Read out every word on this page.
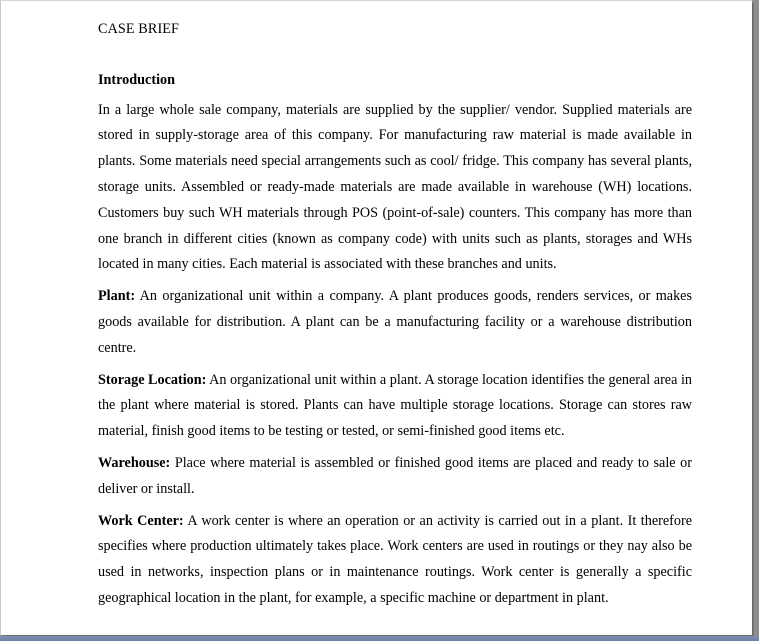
CASE BRIEF
Introduction

In a large whole sale company, materials are supplied by the supplier/ vendor. Supplied materials are stored in supply-storage area of this company. For manufacturing raw material is made available in plants. Some materials need special arrangements such as cool/ fridge. This company has several plants, storage units. Assembled or ready-made materials are made available in warehouse (WH) locations. Customers buy such WH materials through POS (point-of-sale) counters. This company has more than one branch in different cities (known as company code) with units such as plants, storages and WHs located in many cities. Each material is associated with these branches and units.

Plant: An organizational unit within a company. A plant produces goods, renders services, or makes goods available for distribution. A plant can be a manufacturing facility or a warehouse distribution centre.

Storage Location: An organizational unit within a plant. A storage location identifies the general area in the plant where material is stored. Plants can have multiple storage locations. Storage can stores raw material, finish good items to be testing or tested, or semi-finished good items etc.

Warehouse: Place where material is assembled or finished good items are placed and ready to sale or deliver or install.

Work Center: A work center is where an operation or an activity is carried out in a plant. It therefore specifies where production ultimately takes place. Work centers are used in routings or they nay also be used in networks, inspection plans or in maintenance routings. Work center is generally a specific geographical location in the plant, for example, a specific machine or department in plant.
